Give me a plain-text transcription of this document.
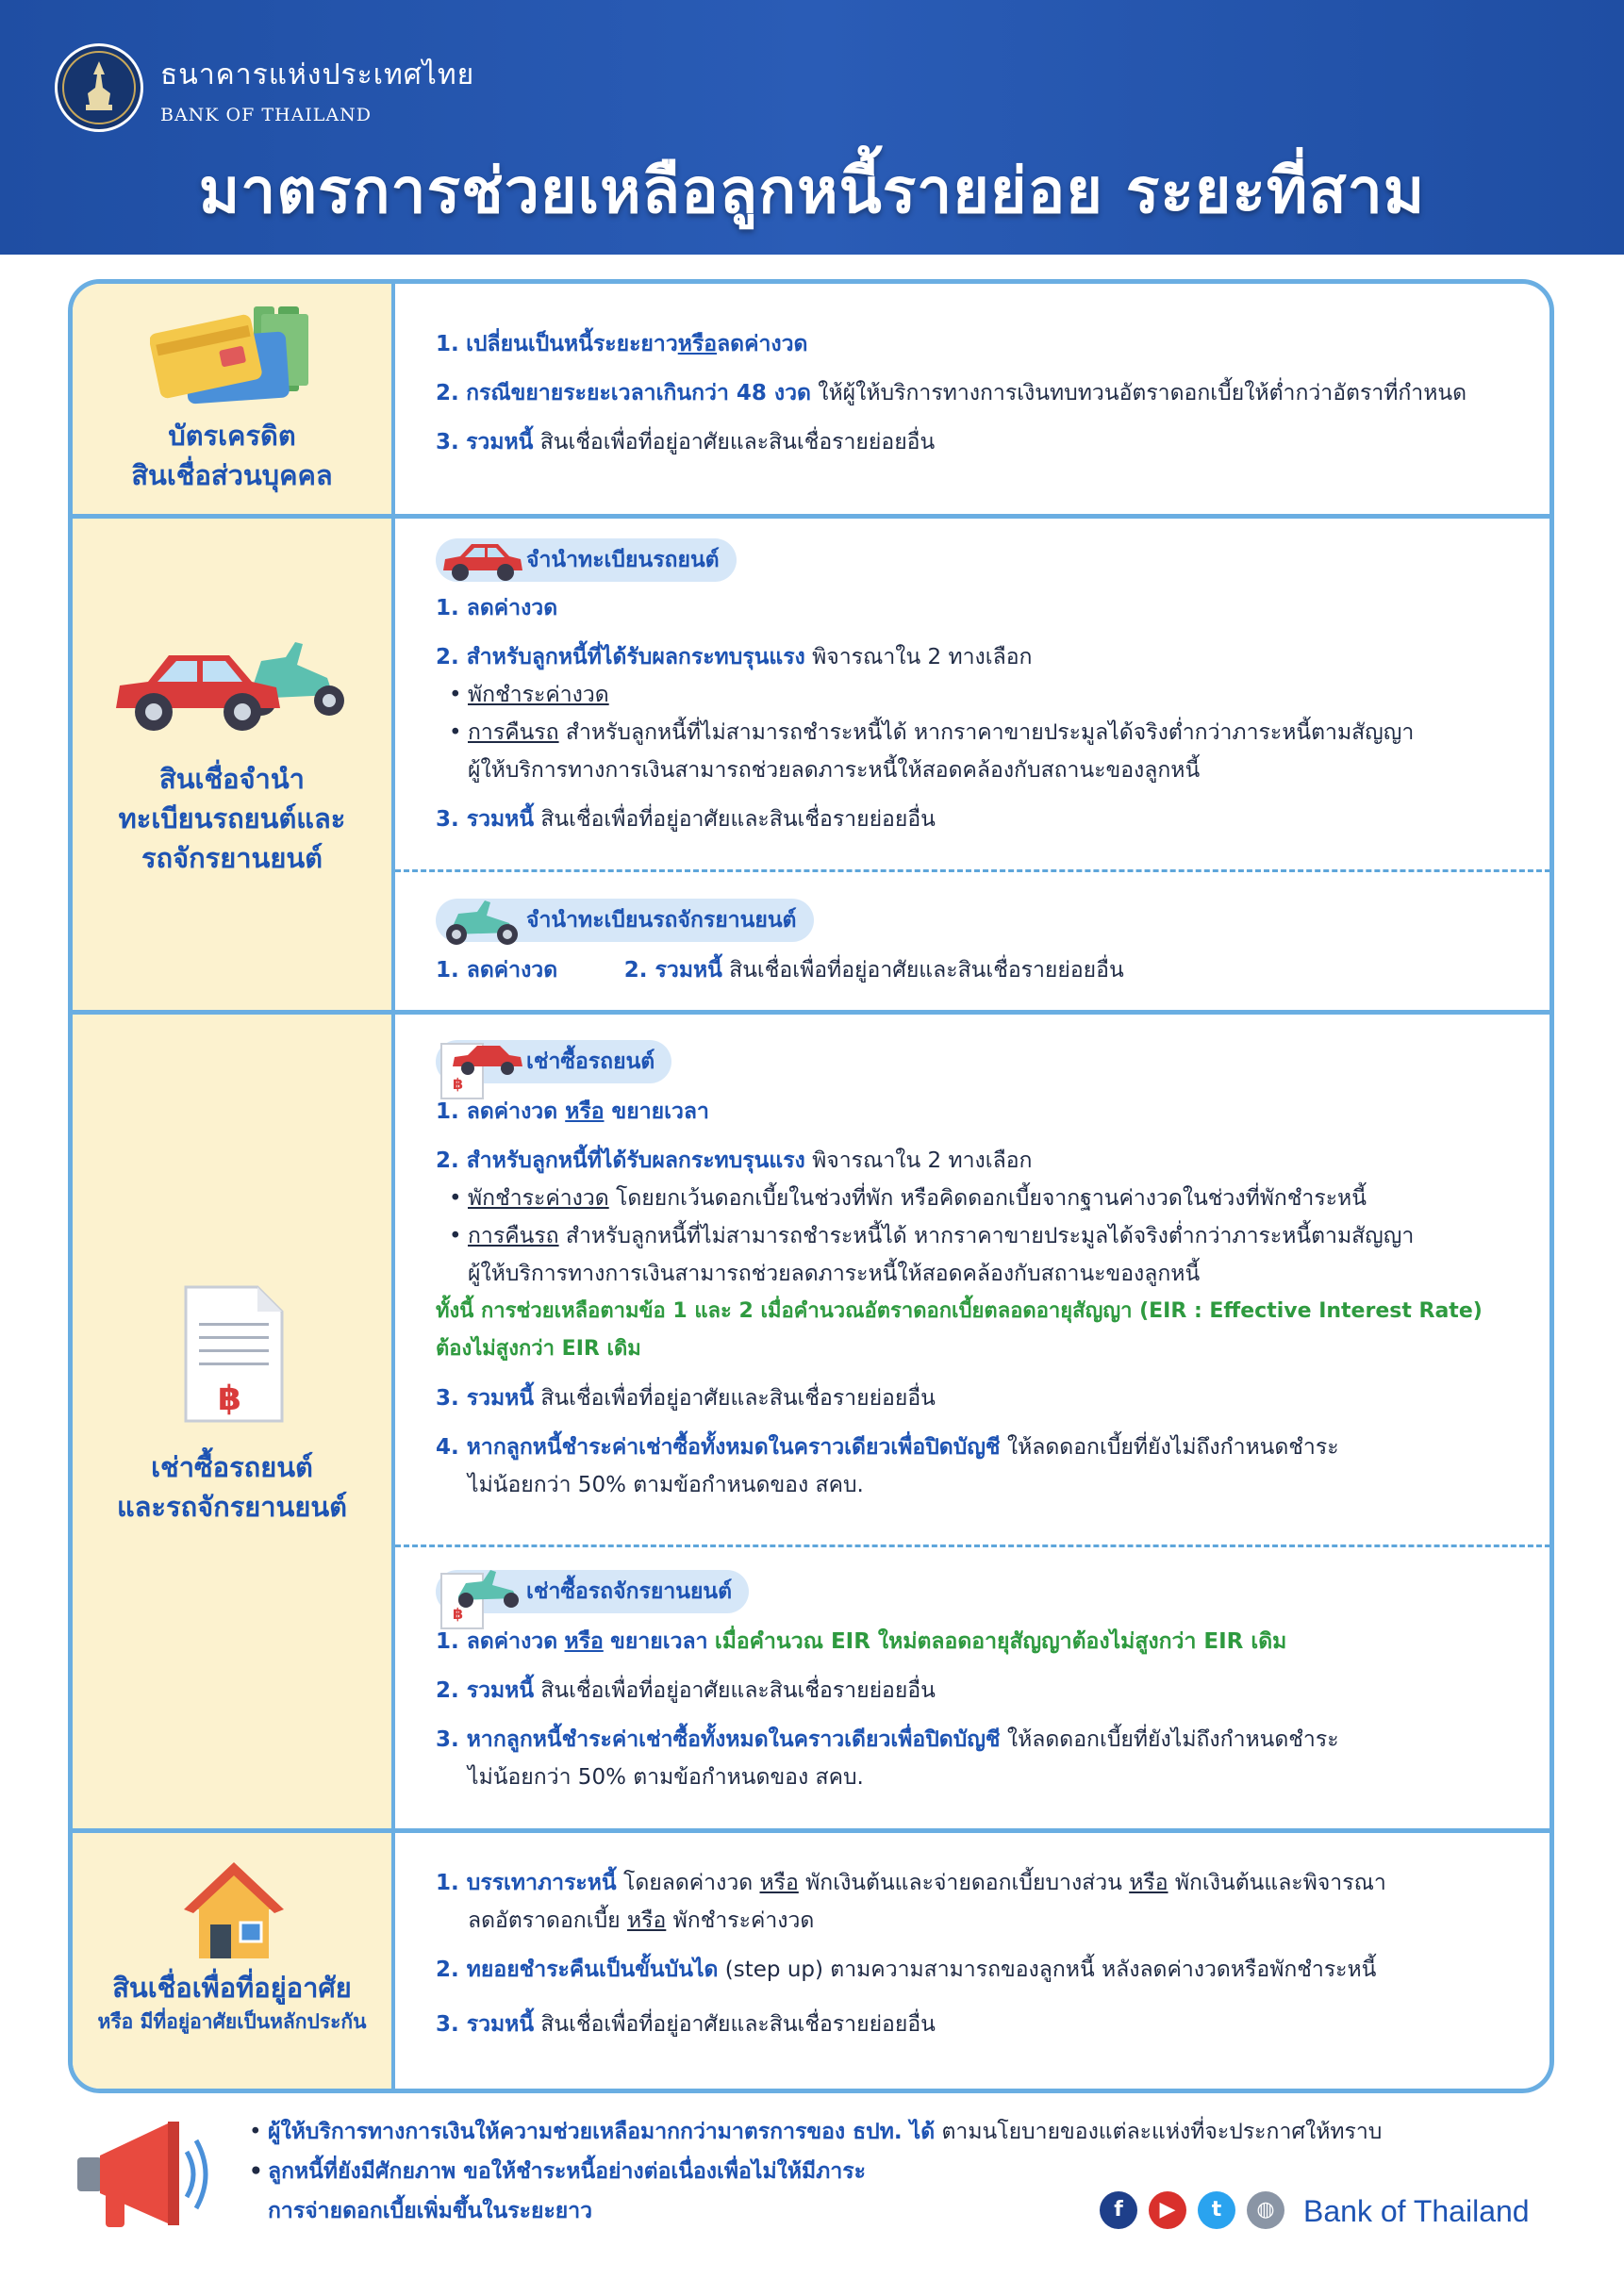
ธนาคารแห่งประเทศไทย
BANK OF THAILAND
มาตรการช่วยเหลือลูกหนี้รายย่อย ระยะที่สาม
บัตรเครดิต
สินเชื่อส่วนบุคคล
1. เปลี่ยนเป็นหนี้ระยะยาวหรือลดค่างวด
2. กรณีขยายระยะเวลาเกินกว่า 48 งวด ให้ผู้ให้บริการทางการเงินทบทวนอัตราดอกเบี้ยให้ต่ำกว่าอัตราที่กำหนด
3. รวมหนี้ สินเชื่อเพื่อที่อยู่อาศัยและสินเชื่อรายย่อยอื่น
สินเชื่อจำนำ
ทะเบียนรถยนต์และ
รถจักรยานยนต์
จำนำทะเบียนรถยนต์
1. ลดค่างวด
2. สำหรับลูกหนี้ที่ได้รับผลกระทบรุนแรง พิจารณาใน 2 ทางเลือก
• พักชำระค่างวด
• การคืนรถ สำหรับลูกหนี้ที่ไม่สามารถชำระหนี้ได้ หากราคาขายประมูลได้จริงต่ำกว่าภาระหนี้ตามสัญญา
ผู้ให้บริการทางการเงินสามารถช่วยลดภาระหนี้ให้สอดคล้องกับสถานะของลูกหนี้
3. รวมหนี้ สินเชื่อเพื่อที่อยู่อาศัยและสินเชื่อรายย่อยอื่น
จำนำทะเบียนรถจักรยานยนต์
1. ลดค่างวด	2. รวมหนี้ สินเชื่อเพื่อที่อยู่อาศัยและสินเชื่อรายย่อยอื่น
฿
เช่าซื้อรถยนต์
และรถจักรยานยนต์
฿
เช่าซื้อรถยนต์
1. ลดค่างวด หรือ ขยายเวลา
2. สำหรับลูกหนี้ที่ได้รับผลกระทบรุนแรง พิจารณาใน 2 ทางเลือก
• พักชำระค่างวด โดยยกเว้นดอกเบี้ยในช่วงที่พัก หรือคิดดอกเบี้ยจากฐานค่างวดในช่วงที่พักชำระหนี้
• การคืนรถ สำหรับลูกหนี้ที่ไม่สามารถชำระหนี้ได้ หากราคาขายประมูลได้จริงต่ำกว่าภาระหนี้ตามสัญญา
ผู้ให้บริการทางการเงินสามารถช่วยลดภาระหนี้ให้สอดคล้องกับสถานะของลูกหนี้
ทั้งนี้ การช่วยเหลือตามข้อ 1 และ 2 เมื่อคำนวณอัตราดอกเบี้ยตลอดอายุสัญญา (EIR : Effective Interest Rate)
ต้องไม่สูงกว่า EIR เดิม
3. รวมหนี้ สินเชื่อเพื่อที่อยู่อาศัยและสินเชื่อรายย่อยอื่น
4. หากลูกหนี้ชำระค่าเช่าซื้อทั้งหมดในคราวเดียวเพื่อปิดบัญชี ให้ลดดอกเบี้ยที่ยังไม่ถึงกำหนดชำระ
ไม่น้อยกว่า 50% ตามข้อกำหนดของ สคบ.
฿
เช่าซื้อรถจักรยานยนต์
1. ลดค่างวด หรือ ขยายเวลา เมื่อคำนวณ EIR ใหม่ตลอดอายุสัญญาต้องไม่สูงกว่า EIR เดิม
2. รวมหนี้ สินเชื่อเพื่อที่อยู่อาศัยและสินเชื่อรายย่อยอื่น
3. หากลูกหนี้ชำระค่าเช่าซื้อทั้งหมดในคราวเดียวเพื่อปิดบัญชี ให้ลดดอกเบี้ยที่ยังไม่ถึงกำหนดชำระ
ไม่น้อยกว่า 50% ตามข้อกำหนดของ สคบ.
สินเชื่อเพื่อที่อยู่อาศัย
หรือ มีที่อยู่อาศัยเป็นหลักประกัน
1. บรรเทาภาระหนี้ โดยลดค่างวด หรือ พักเงินต้นและจ่ายดอกเบี้ยบางส่วน หรือ พักเงินต้นและพิจารณา
ลดอัตราดอกเบี้ย หรือ พักชำระค่างวด
2. ทยอยชำระคืนเป็นขั้นบันได (step up) ตามความสามารถของลูกหนี้ หลังลดค่างวดหรือพักชำระหนี้
3. รวมหนี้ สินเชื่อเพื่อที่อยู่อาศัยและสินเชื่อรายย่อยอื่น
• ผู้ให้บริการทางการเงินให้ความช่วยเหลือมากกว่ามาตรการของ ธปท. ได้ ตามนโยบายของแต่ละแห่งที่จะประกาศให้ทราบ
• ลูกหนี้ที่ยังมีศักยภาพ ขอให้ชำระหนี้อย่างต่อเนื่องเพื่อไม่ให้มีภาระ
การจ่ายดอกเบี้ยเพิ่มขึ้นในระยะยาว	f	▶	t	◍ Bank of Thailand
